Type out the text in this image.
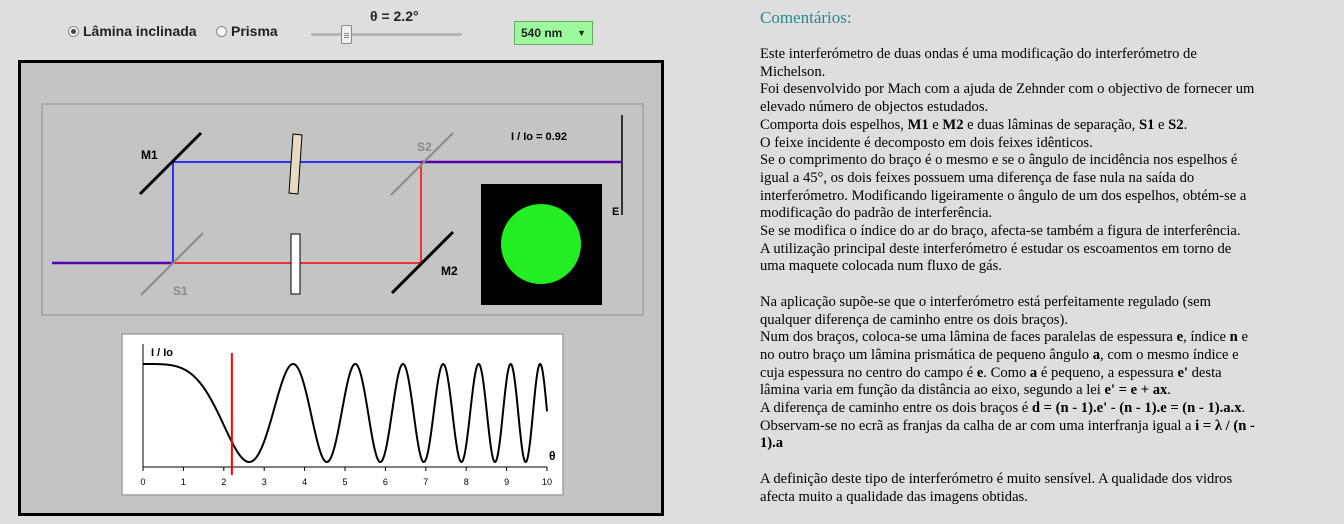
Lâmina inclinada Prisma
θ = 2.2°
540 nm ▼
M1
M2
S1
S2
E
I / Io = 0.92
I / Io
θ
0	1	2	3	4	5	6	7	8	9	10
Comentários:
Este interferómetro de duas ondas é uma modificação do interferómetro de
Michelson.
Foi desenvolvido por Mach com a ajuda de Zehnder com o objectivo de fornecer um
elevado número de objectos estudados.
Comporta dois espelhos, M1 e M2 e duas lâminas de separação, S1 e S2.
O feixe incidente é decomposto em dois feixes idênticos.
Se o comprimento do braço é o mesmo e se o ângulo de incidência nos espelhos é
igual a 45°, os dois feixes possuem uma diferença de fase nula na saída do
interferómetro. Modificando ligeiramente o ângulo de um dos espelhos, obtém-se a
modificação do padrão de interferência.
Se se modifica o índice do ar do braço, afecta-se também a figura de interferência.
A utilização principal deste interferómetro é estudar os escoamentos em torno de
uma maquete colocada num fluxo de gás.
Na aplicação supõe-se que o interferómetro está perfeitamente regulado (sem
qualquer diferença de caminho entre os dois braços).
Num dos braços, coloca-se uma lâmina de faces paralelas de espessura e, índice n e
no outro braço um lâmina prismática de pequeno ângulo a, com o mesmo índice e
cuja espessura no centro do campo é e. Como a é pequeno, a espessura e' desta
lâmina varia em função da distância ao eixo, segundo a lei e' = e + ax.
A diferença de caminho entre os dois braços é d = (n - 1).e' - (n - 1).e = (n - 1).a.x.
Observam-se no ecrã as franjas da calha de ar com uma interfranja igual a i = λ / (n -
1).a
A definição deste tipo de interferómetro é muito sensível. A qualidade dos vidros
afecta muito a qualidade das imagens obtidas.
